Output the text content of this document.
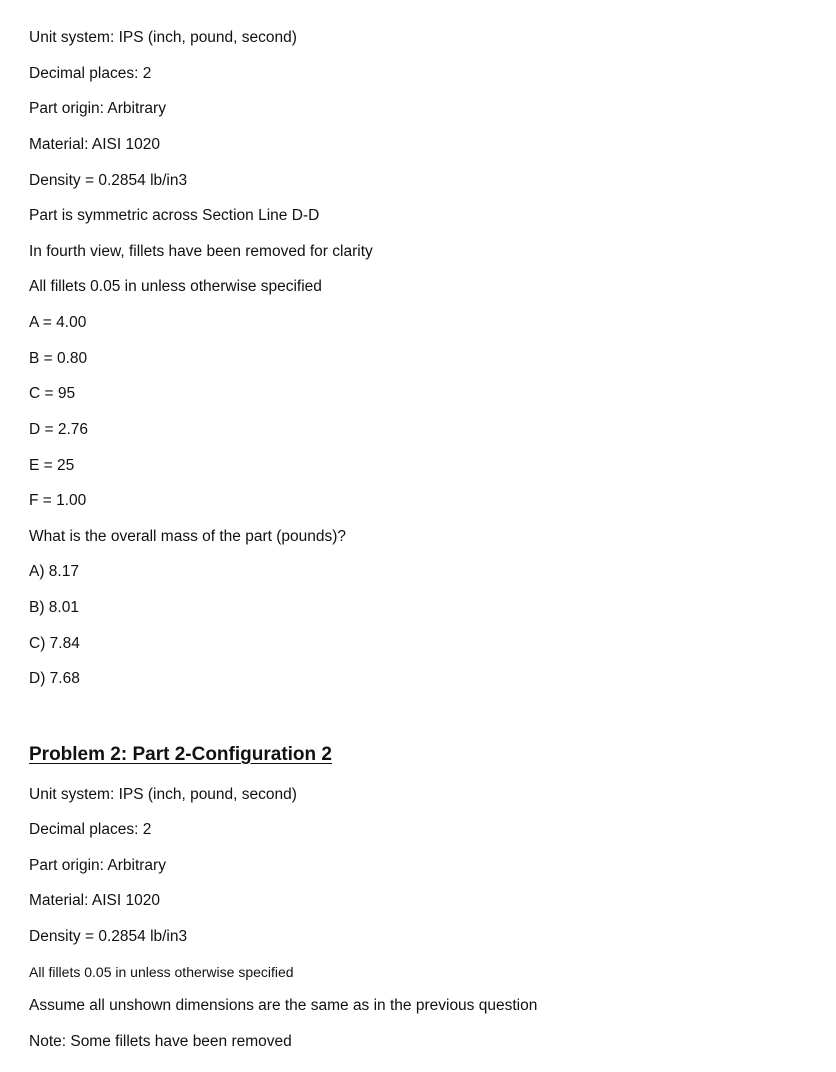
Unit system: IPS (inch, pound, second)

Decimal places: 2

Part origin: Arbitrary

Material: AISI 1020

Density = 0.2854 lb/in3

Part is symmetric across Section Line D-D

In fourth view, fillets have been removed for clarity

All fillets 0.05 in unless otherwise specified

A = 4.00

B = 0.80

C = 95

D = 2.76

E = 25

F = 1.00

What is the overall mass of the part (pounds)?

A) 8.17

B) 8.01

C) 7.84

D) 7.68

Problem 2: Part 2-Configuration 2

Unit system: IPS (inch, pound, second)

Decimal places: 2

Part origin: Arbitrary

Material: AISI 1020

Density = 0.2854 lb/in3

All fillets 0.05 in unless otherwise specified

Assume all unshown dimensions are the same as in the previous question

Note: Some fillets have been removed
